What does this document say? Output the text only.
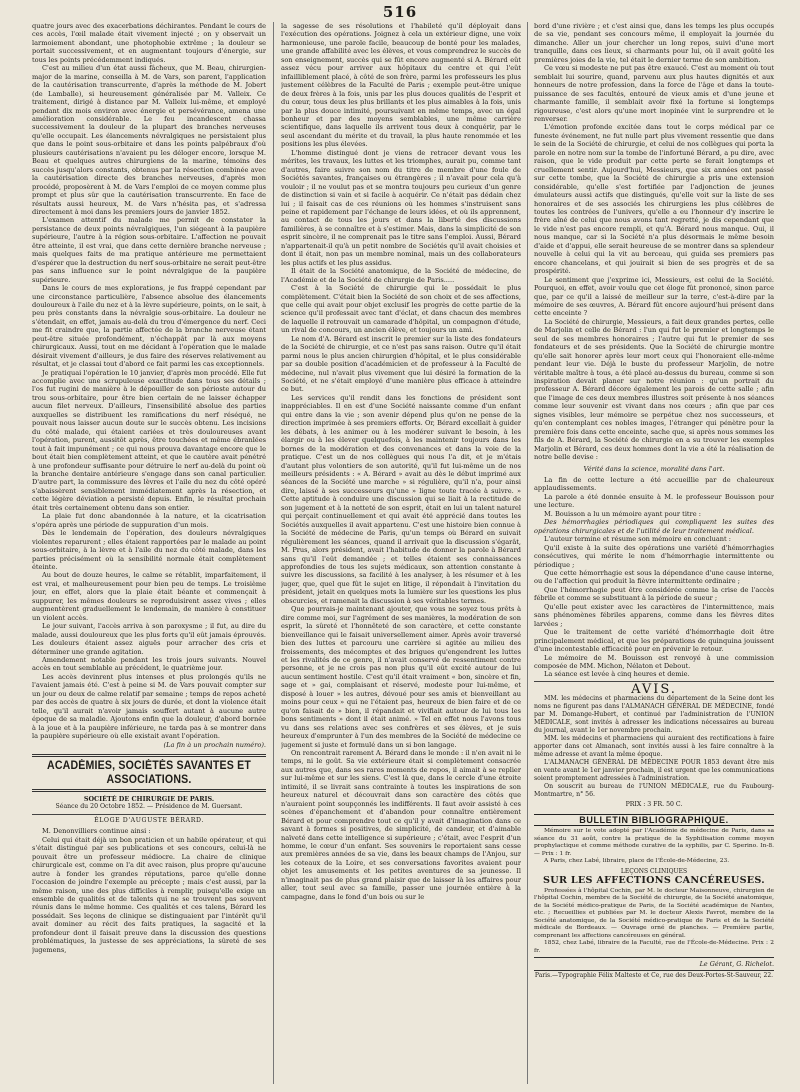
516

quatre jours avec des exacerbations déchirantes. Pendant le cours de ces accès, l'œil malade était vivement injecté ; on y observait un larmoiement abondant, une photophobie extrême ; la douleur se portait successivement, et en augmentant toujours d'énergie, sur tous les points précédemment indiqués.

C'est au milieu d'un état aussi fâcheux, que M. Beau, chirurgien-major de la marine, conseilla à M. de Vars, son parent, l'application de la cautérisation transcurrente, d'après la méthode de M. Jobert (de Lamballe), si heureusement généralisée par M. Valleix. Ce traitement, dirigé à distance par M. Valleix lui-même, et employé pendant dix mois environ avec énergie et persévérance, amena une amélioration considérable. Le feu incandescent chassa successivement la douleur de la plupart des branches nerveuses qu'elle occupait. Les élancements névralgiques ne persistaient plus que dans le point sous-orbitaire et dans les points palpébraux d'où plusieurs cautérisations n'avaient pu les déloger encore, lorsque M. Beau et quelques autres chirurgiens de la marine, témoins des succès jusqu'alors constants, obtenus par la résection combinée avec la cautérisation directe des branches nerveuses, d'après mon procédé, proposèrent à M. de Vars l'emploi de ce moyen comme plus prompt et plus sûr que la cautérisation transcurrente. En face de résultats aussi heureux, M. de Vars n'hésita pas, et s'adressa directement à moi dans les premiers jours de janvier 1852.

L'examen attentif du malade me permit de constater la persistance de deux points névralgiques, l'un siégeant à la paupière supérieure, l'autre à la région sous-orbitaire. L'affection ne pouvait être atteinte, il est vrai, que dans cette dernière branche nerveuse ; mais quelques faits de ma pratique antérieure me permettaient d'espérer que la destruction du nerf sous-orbitaire ne serait peut-être pas sans influence sur le point névralgique de la paupière supérieure.

Dans le cours de mes explorations, je fus frappé cependant par une circonstance particulière, l'absence absolue des élancements douloureux à l'aile du nez et à la lèvre supérieure, points, on le sait, à peu près constants dans la névralgie sous-orbitaire. La douleur ne s'étendait, en effet, jamais au-delà du trou d'émergence du nerf. Ceci me fit craindre que, la partie affectée de la branche nerveuse étant peut-être située profondément, n'échappât par là aux moyens chirurgicaux. Aussi, tout en me décidant à l'opération que le malade désirait vivement d'ailleurs, je dus faire des réserves relativement au résultat, et je classai tout d'abord ce fait parmi les cas exceptionnels.

Je pratiquai l'opération le 10 janvier, d'après mon procédé. Elle fut accomplie avec une scrupuleuse exactitude dans tous ses détails ; l'os fut rugini de manière à le dépouiller de son périoste autour du trou sous-orbitaire, pour être bien certain de ne laisser échapper aucun filet nerveux. D'ailleurs, l'insensibilité absolue des parties auxquelles se distribuent les ramifications du nerf réséqué, ne pouvait nous laisser aucun doute sur le succès obtenu. Les incisions du côté malade, qui étaient cariées et très douloureuses avant l'opération, purent, aussitôt après, être touchées et même ébranlées tout à fait impunément ; ce qui nous prouva davantage encore que le bout était bien complètement atteint, et que le cautère avait pénétré à une profondeur suffisante pour détruire le nerf au-delà du point où la branche dentaire antérieure s'engage dans son canal particulier. D'autre part, la commissure des lèvres et l'aile du nez du côté opéré s'abaissèrent sensiblement immédiatement après la résection, et cette légère déviation a persisté depuis. Enfin, le résultat prochain était très certainement obtenu dans son entier.

La plaie fut donc abandonnée à la nature, et la cicatrisation s'opéra après une période de suppuration d'un mois.

Dès le lendemain de l'opération, des douleurs névralgiques violentes reparurent ; elles étaient rapportées par le malade au point sous-orbitaire, à la lèvre et à l'aile du nez du côté malade, dans les parties précisément où la sensibilité normale était complètement éteinte.

Au bout de douze heures, le calme se rétablit, imparfaitement, il est vrai, et malheureusement pour bien peu de temps. Le troisième jour, en effet, alors que la plaie était béante et commençait à suppurer, les mêmes douleurs se reproduisirent assez vives ; elles augmentèrent graduellement le lendemain, de manière à constituer un violent accès.

Le jour suivant, l'accès arriva à son paroxysme ; il fut, au dire du malade, aussi douloureux que les plus forts qu'il eût jamais éprouvés. Les douleurs étaient assez aiguës pour arracher des cris et déterminer une grande agitation.

Amendement notable pendant les trois jours suivants. Nouvel accès en tout semblable au précédent, le quatrième jour.

Les accès devinrent plus intenses et plus prolongés qu'ils ne l'avaient jamais été. C'est à peine si M. de Vars pouvait compter sur un jour ou deux de calme relatif par semaine ; temps de repos acheté par des accès de quatre à six jours de durée, et dont la violence était telle, qu'il aurait n'avoir jamais souffert autant à aucune autre époque de sa maladie. Ajoutons enfin que la douleur, d'abord bornée à la joue et à la paupière inférieure, ne tarda pas à se montrer dans la paupière supérieure où elle existait avant l'opération.

(La fin à un prochain numéro).
ACADÉMIES, SOCIÉTÉS SAVANTES ET ASSOCIATIONS.
SOCIÉTÉ DE CHIRURGIE DE PARIS.
Séance du 20 Octobre 1852. — Présidence de M. Guersant.
ÉLOGE D'AUGUSTE BÉRARD.

M. Denonvilliers continue ainsi :

Celui qui était déjà un bon praticien et un habile opérateur, et qui s'était distingué par ses publications et ses concours, celui-là ne pouvait être un professeur médiocre. La chaire de clinique chirurgicale est, comme on l'a dit avec raison, plus propre qu'aucune autre à fonder les grandes réputations, parce qu'elle donne l'occasion de joindre l'exemple au précepte ; mais c'est aussi, par la même raison, une des plus difficiles à remplir, puisqu'elle exige un ensemble de qualités et de talents qui ne se trouvent pas souvent réunis dans le même homme. Ces qualités et ces talens, Bérard les possédait. Ses leçons de clinique se distinguaient par l'intérêt qu'il avait dominer au récit des faits pratiques, la sagacité et la profondeur dont il faisait preuve dans la discussion des questions problématiques, la justesse de ses appréciations, la sûreté de ses jugemens,

la sagesse de ses résolutions et l'habileté qu'il déployait dans l'exécution des opérations. Joignez à cela un extérieur digne, une voix harmonieuse, une parole facile, beaucoup de bonté pour les malades, une grande affabilité avec les élèves, et vous comprendrez le succès de son enseignement, succès qui se fût encore augmenté si A. Bérard eût assez vécu pour arriver aux hôpitaux du centre et qui l'eût infailliblement placé, à côté de son frère, parmi les professeurs les plus justement célèbres de la Faculté de Paris ; exemple peut-être unique de deux frères à la fois, unis par les plus douces qualités de l'esprit et du cœur, tous deux les plus brillants et les plus aimables à la fois, unis par la plus douce intimité, poursuivant en même temps, avec un égal bonheur et par des moyens semblables, une même carrière scientifique, dans laquelle ils arrivent tous deux à conquérir, par le seul ascendant du mérite et du travail, la plus haute renommée et les positions les plus élevées.

L'homme distingué dont je viens de retracer devant vous les mérites, les travaux, les luttes et les triomphes, aurait pu, comme tant d'autres, faire suivre son nom du titre de membre d'une foule de Sociétés savantes, françaises ou étrangères ; il n'avait pour cela qu'à vouloir ; il ne voulut pas et se montra toujours peu curieux d'un genre de distinction si vain et si facile à acquérir. Ce n'était pas dédain chez lui ; il faisait cas de ces réunions où les hommes s'instruisent sans peine et rapidement par l'échange de leurs idées, et où ils apprennent, au contact de tous les jours et dans la liberté des discussions familières, à se connaître et à s'estimer. Mais, dans la simplicité de son esprit sincère, il ne comprenait pas le titre sans l'emploi. Aussi, Bérard n'appartenait-il qu'à un petit nombre de Sociétés qu'il avait choisies et dont il était, non pas un membre nominal, mais un des collaborateurs les plus actifs et les plus assidus.

Il était de la Société anatomique, de la Société de médecine, de l'Académie et de la Société de chirurgie de Paris.....

C'est à la Société de chirurgie qui le possédait le plus complètement. C'était bien la Société de son choix et de ses affections, que celle qui avait pour objet exclusif les progrès de cette partie de la science qu'il professait avec tant d'éclat, et dans chacun des membres de laquelle il retrouvait un camarade d'hôpital, un compagnon d'étude, un rival de concours, un ancien élève, et toujours un ami.

Le nom d'A. Bérard est inscrit le premier sur la liste des fondateurs de la Société de chirurgie, et ce n'est pas sans raison. Outre qu'il était parmi nous le plus ancien chirurgien d'hôpital, et le plus considérable par sa double position d'académicien et de professeur à la Faculté de médecine, nul n'avait plus vivement que lui désiré la formation de la Société, et ne s'était employé d'une manière plus efficace à atteindre ce but.

Les services qu'il rendit dans les fonctions de président sont inappréciables. Il en est d'une Société naissante comme d'un enfant qui entre dans la vie ; son avenir dépend plus qu'on ne pense de la direction imprimée à ses premiers efforts. Or, Bérard excellait à guider les débats, à les animer ou à les modérer suivant le besoin, à les élargir ou à les élever quelquefois, à les maintenir toujours dans les bornes de la modération et des convenances et dans la voie de la pratique. C'est un de nos collègues qui nous l'a dit, et je m'étais d'autant plus volontiers de son autorité, qu'il fut lui-même un de nos meilleurs présidents : « A. Bérard » avait au dès le début imprimé aux séances de la Société une marche » si régulière, qu'il n'a, pour ainsi dire, laissé à ses successeurs qu'une » ligne toute tracée à suivre. » Cette aptitude à conduire une discussion qui se liait à la rectitude de son jugement et à la netteté de son esprit, était en lui un talent naturel qui perçait continuellement et qui avait été apprécié dans toutes les Sociétés auxquelles il avait appartenu. C'est une histoire bien connue à la Société de médecine de Paris, qu'un temps où Bérard en suivait régulièrement les séances, quand il arrivait que la discussion s'égarât, M. Prus, alors président, avait l'habitude de donner la parole à Bérard sans qu'il l'eût demandée ; et telles étaient ses connaissances approfondies de tous les sujets médicaux, son attention constante à suivre les discussions, sa facilité à les analyser, à les résumer et à les juger, que, quel que fût le sujet en litige, il répondait à l'invitation du président, jetait en quelques mots la lumière sur les questions les plus obscurcies, et ramenait la discussion à ses véritables termes.

Que pourrais-je maintenant ajouter, que vous ne soyez tous prêts à dire comme moi, sur l'agrément de ses manières, la modération de son esprit, la sûreté et l'honnêteté de son caractère, et cette constante bienveillance qui le faisait universellement aimer. Après avoir traversé bien des luttes et parcouru une carrière si agitée au milieu des froissements, des mécomptes et des brigues qu'engendrent les luttes et les rivalités de ce genre, il n'avait conservé de ressentiment contre personne, et je ne crois pas non plus qu'il eût excité autour de lui aucun sentiment hostile. C'est qu'il était vraiment « bon, sincère et fin, sage et » gai, complaisant et réservé, modeste pour lui-même, et disposé à louer » les autres, dévoué pour ses amis et bienveillant au moins pour ceux » qui ne l'étaient pas, heureux de bien faire et de ce qu'on faisait de » bien, il répandait et vivifiait autour de lui tous les bons sentiments » dont il était animé. » Tel en effet nous l'avons tous vu dans ses relations avec ses confrères et ses élèves, et je suis heureux d'emprunter à l'un des membres de la Société de médecine ce jugement si juste et formulé dans un si bon langage.

On rencontrait rarement A. Bérard dans le monde : il n'en avait ni le temps, ni le goût. Sa vie extérieure était si complètement consacrée aux autres que, dans ses rares moments de repos, il aimait à se replier sur lui-même et sur les siens. C'est là que, dans le cercle d'une étroite intimité, il se livrait sans contrainte à toutes les inspirations de son heureux naturel et découvrait dans son caractère des côtés que n'auraient point soupçonnés les indifférents. Il faut avoir assisté à ces scènes d'épanchement et d'abandon pour connaître entièrement Bérard et pour comprendre tout ce qu'il y avait d'imagination dans ce savant à formes si positives, de simplicité, de candeur, et d'aimable naïveté dans cette intelligence si supérieure ; c'était, avec l'esprit d'un homme, le cœur d'un enfant. Ses souvenirs le reportaient sans cesse aux premières années de sa vie, dans les beaux champs de l'Anjou, sur les coteaux de la Loire, et ses conversations favorites avaient pour objet les amusements et les petites aventures de sa jeunesse. Il n'imaginait pas de plus grand plaisir que de laisser là les affaires pour aller, tout seul avec sa famille, passer une journée entière à la campagne, dans le fond d'un bois ou sur le

bord d'une rivière ; et c'est ainsi que, dans les temps les plus occupés de sa vie, pendant ses concours même, il employait la journée du dimanche. Aller un jour chercher un long repos, suivi d'une mort tranquille, dans ces lieux, si charmants pour lui, où il avait goûté les premières joies de la vie, tel était le dernier terme de son ambition.

Ce vœu si modeste ne put pas être exaucé. C'est au moment où tout semblait lui sourire, quand, parvenu aux plus hautes dignités et aux honneurs de notre profession, dans la force de l'âge et dans la toute-puissance de ses facultés, entouré de vieux amis et d'une jeune et charmante famille, il semblait avoir fixé la fortune si longtemps rigoureuse, c'est alors qu'une mort inopinée vint le surprendre et le renverser.

L'émotion profonde excitée dans tout le corps médical par ce funeste événement, ne fut nulle part plus vivement ressentie que dans le sein de la Société de chirurgie, et celui de nos collègues qui porta la parole en notre nom sur la tombe de l'infortuné Bérard, a pu dire, avec raison, que le vide produit par cette perte se ferait longtemps et cruellement sentir. Aujourd'hui, Messieurs, que six années ont passé sur cette tombe, que la Société de chirurgie a pris une extension considérable, qu'elle s'est fortifiée par l'adjonction de jeunes émulateurs aussi actifs que distingués, qu'elle voit sur la liste de ses honoraires et de ses associés les chirurgiens les plus célèbres de toutes les contrées de l'univers, qu'elle a eu l'honneur d'y inscrire le frère aîné de celui que nous avons tant regretté, je dis cependant que le vide n'est pas encore rempli, et qu'A. Bérard nous manque. Oui, il nous manque, car si la Société n'a plus désormais le même besoin d'aide et d'appui, elle serait heureuse de se montrer dans sa splendeur nouvelle à celui qui la vit au berceau, qui guida ses premiers pas encore chancelans, et qui jouirait si bien de ses progrès et de sa prospérité.

Le sentiment que j'exprime ici, Messieurs, est celui de la Société. Pourquoi, en effet, avoir voulu que cet éloge fût prononcé, sinon parce que, par ce qu'il a laissé de meilleur sur la terre, c'est-à-dire par la mémoire de ses œuvres, A. Bérard fût encore aujourd'hui présent dans cette enceinte ?

La Société de chirurgie, Messieurs, a fait deux grandes pertes, celle de Marjolin et celle de Bérard : l'un qui fut le premier et longtemps le seul de ses membres honoraires ; l'autre qui fut le premier de ses fondateurs et de ses présidents. Que la Société de chirurgie montre qu'elle sait honorer après leur mort ceux qui l'honoraient elle-même pendant leur vie. Déjà le buste du professeur Marjolin, de notre véritable maître à tous, a été placé au-dessus du bureau, comme si son inspiration devait planer sur notre réunion : qu'un portrait du professeur A. Bérard décore également les parois de cette salle ; afin que l'image de ces deux membres illustres soit présente à nos séances comme leur souvenir est vivant dans nos cœurs ; afin que par ces signes visibles, leur mémoire se perpétue chez nos successeurs, et qu'en contemplant ces nobles images, l'étranger qui pénètre pour la première fois dans cette enceinte, sache que, si après nous sommes les fils de A. Bérard, la Société de chirurgie en a su trouver les exemples Marjolin et Bérard, ces deux hommes dont la vie a été la réalisation de notre belle devise :

Vérité dans la science, moralité dans l'art.

La fin de cette lecture a été accueillie par de chaleureux applaudissements.

La parole a été donnée ensuite à M. le professeur Bouisson pour une lecture.

M. Bouisson a lu un mémoire ayant pour titre :

Des hémorrhagies périodiques qui compliquent les suites des opérations chirurgicales et de l'utilité de leur traitement médical.

L'auteur termine et résume son mémoire en concluant :

Qu'il existe à la suite des opérations une variété d'hémorrhagies consécutives, qui mérite le nom d'hémorrhagie intermittente ou périodique ;

Que cette hémorrhagie est sous la dépendance d'une cause interne, ou de l'affection qui produit la fièvre intermittente ordinaire ;

Que l'hémorrhagie peut être considérée comme la crise de l'accès fébrile et comme se substituant à la période de sueur ;

Qu'elle peut exister avec les caractères de l'intermittence, mais sans phénomènes fébriles apparens, comme dans les fièvres dites larvées ;

Que le traitement de cette variété d'hémorrhagie doit être principalement médical, et que les préparations de quinquina jouissent d'une incontestable efficacité pour en prévenir le retour.

Le mémoire de M. Bouisson est renvoyé à une commission composée de MM. Michon, Nélaton et Debout.

La séance est levée à cinq heures et demie.

AVIS.

MM. les médecins et pharmaciens du département de la Seine dont les noms ne figurent pas dans l'ALMANACH GÉNÉRAL DE MÉDECINE, fondé par M. Domange-Hubert, et continué par l'administration de l'UNION MÉDICALE, sont invités à adresser les indications nécessaires au bureau du journal, avant le 1er novembre prochain.

MM. les médecins et pharmaciens qui auraient des rectifications à faire apporter dans cet Almanach, sont invités aussi à les faire connaître à la même adresse et avant la même époque.

L'ALMANACH GÉNÉRAL DE MÉDECINE POUR 1853 devant être mis en vente avant le 1er janvier prochain, il est urgent que les communications soient promptement adressées à l'administration.

On souscrit au bureau de l'UNION MÉDICALE, rue du Faubourg-Montmartre, n° 56.

PRIX : 3 FR. 50 C.
BULLETIN BIBLIOGRAPHIQUE.

Mémoire sur le vote adopté par l'Académie de médecine de Paris, dans sa séance du 31 août, contre la pratique de la Syphilisation comme moyen prophylactique et comme méthode curative de la syphilis, par C. Sperino. In-8. — Prix : 1 fr.

A Paris, chez Labé, libraire, place de l'École-de-Médecine, 23.

LEÇONS CLINIQUES
SUR LES AFFECTIONS CANCÉREUSES.

Professées à l'hôpital Cochin, par M. le docteur Maisonneuve, chirurgien de l'hôpital Cochin, membre de la Société de chirurgie, de la Société anatomique, de la Société médico-pratique de Paris, de la Société académique de Nantes, etc. ; Recueillies et publiées par M. le docteur Alexis Favrot, membre de la Société anatomique, de la Société médico-pratique de Paris et de la Société médicale de Bordeaux. — Ouvrage orné de planches. — Première partie, comprenant les affections cancéreuses en général.

1852, chez Labé, libraire de la Faculté, rue de l'École-de-Médecine. Prix : 2 fr.

Le Gérant, G. Richelot.
Paris.—Typographie Félix Malteste et Ce, rue des Deux-Portes-St-Sauveur, 22.
